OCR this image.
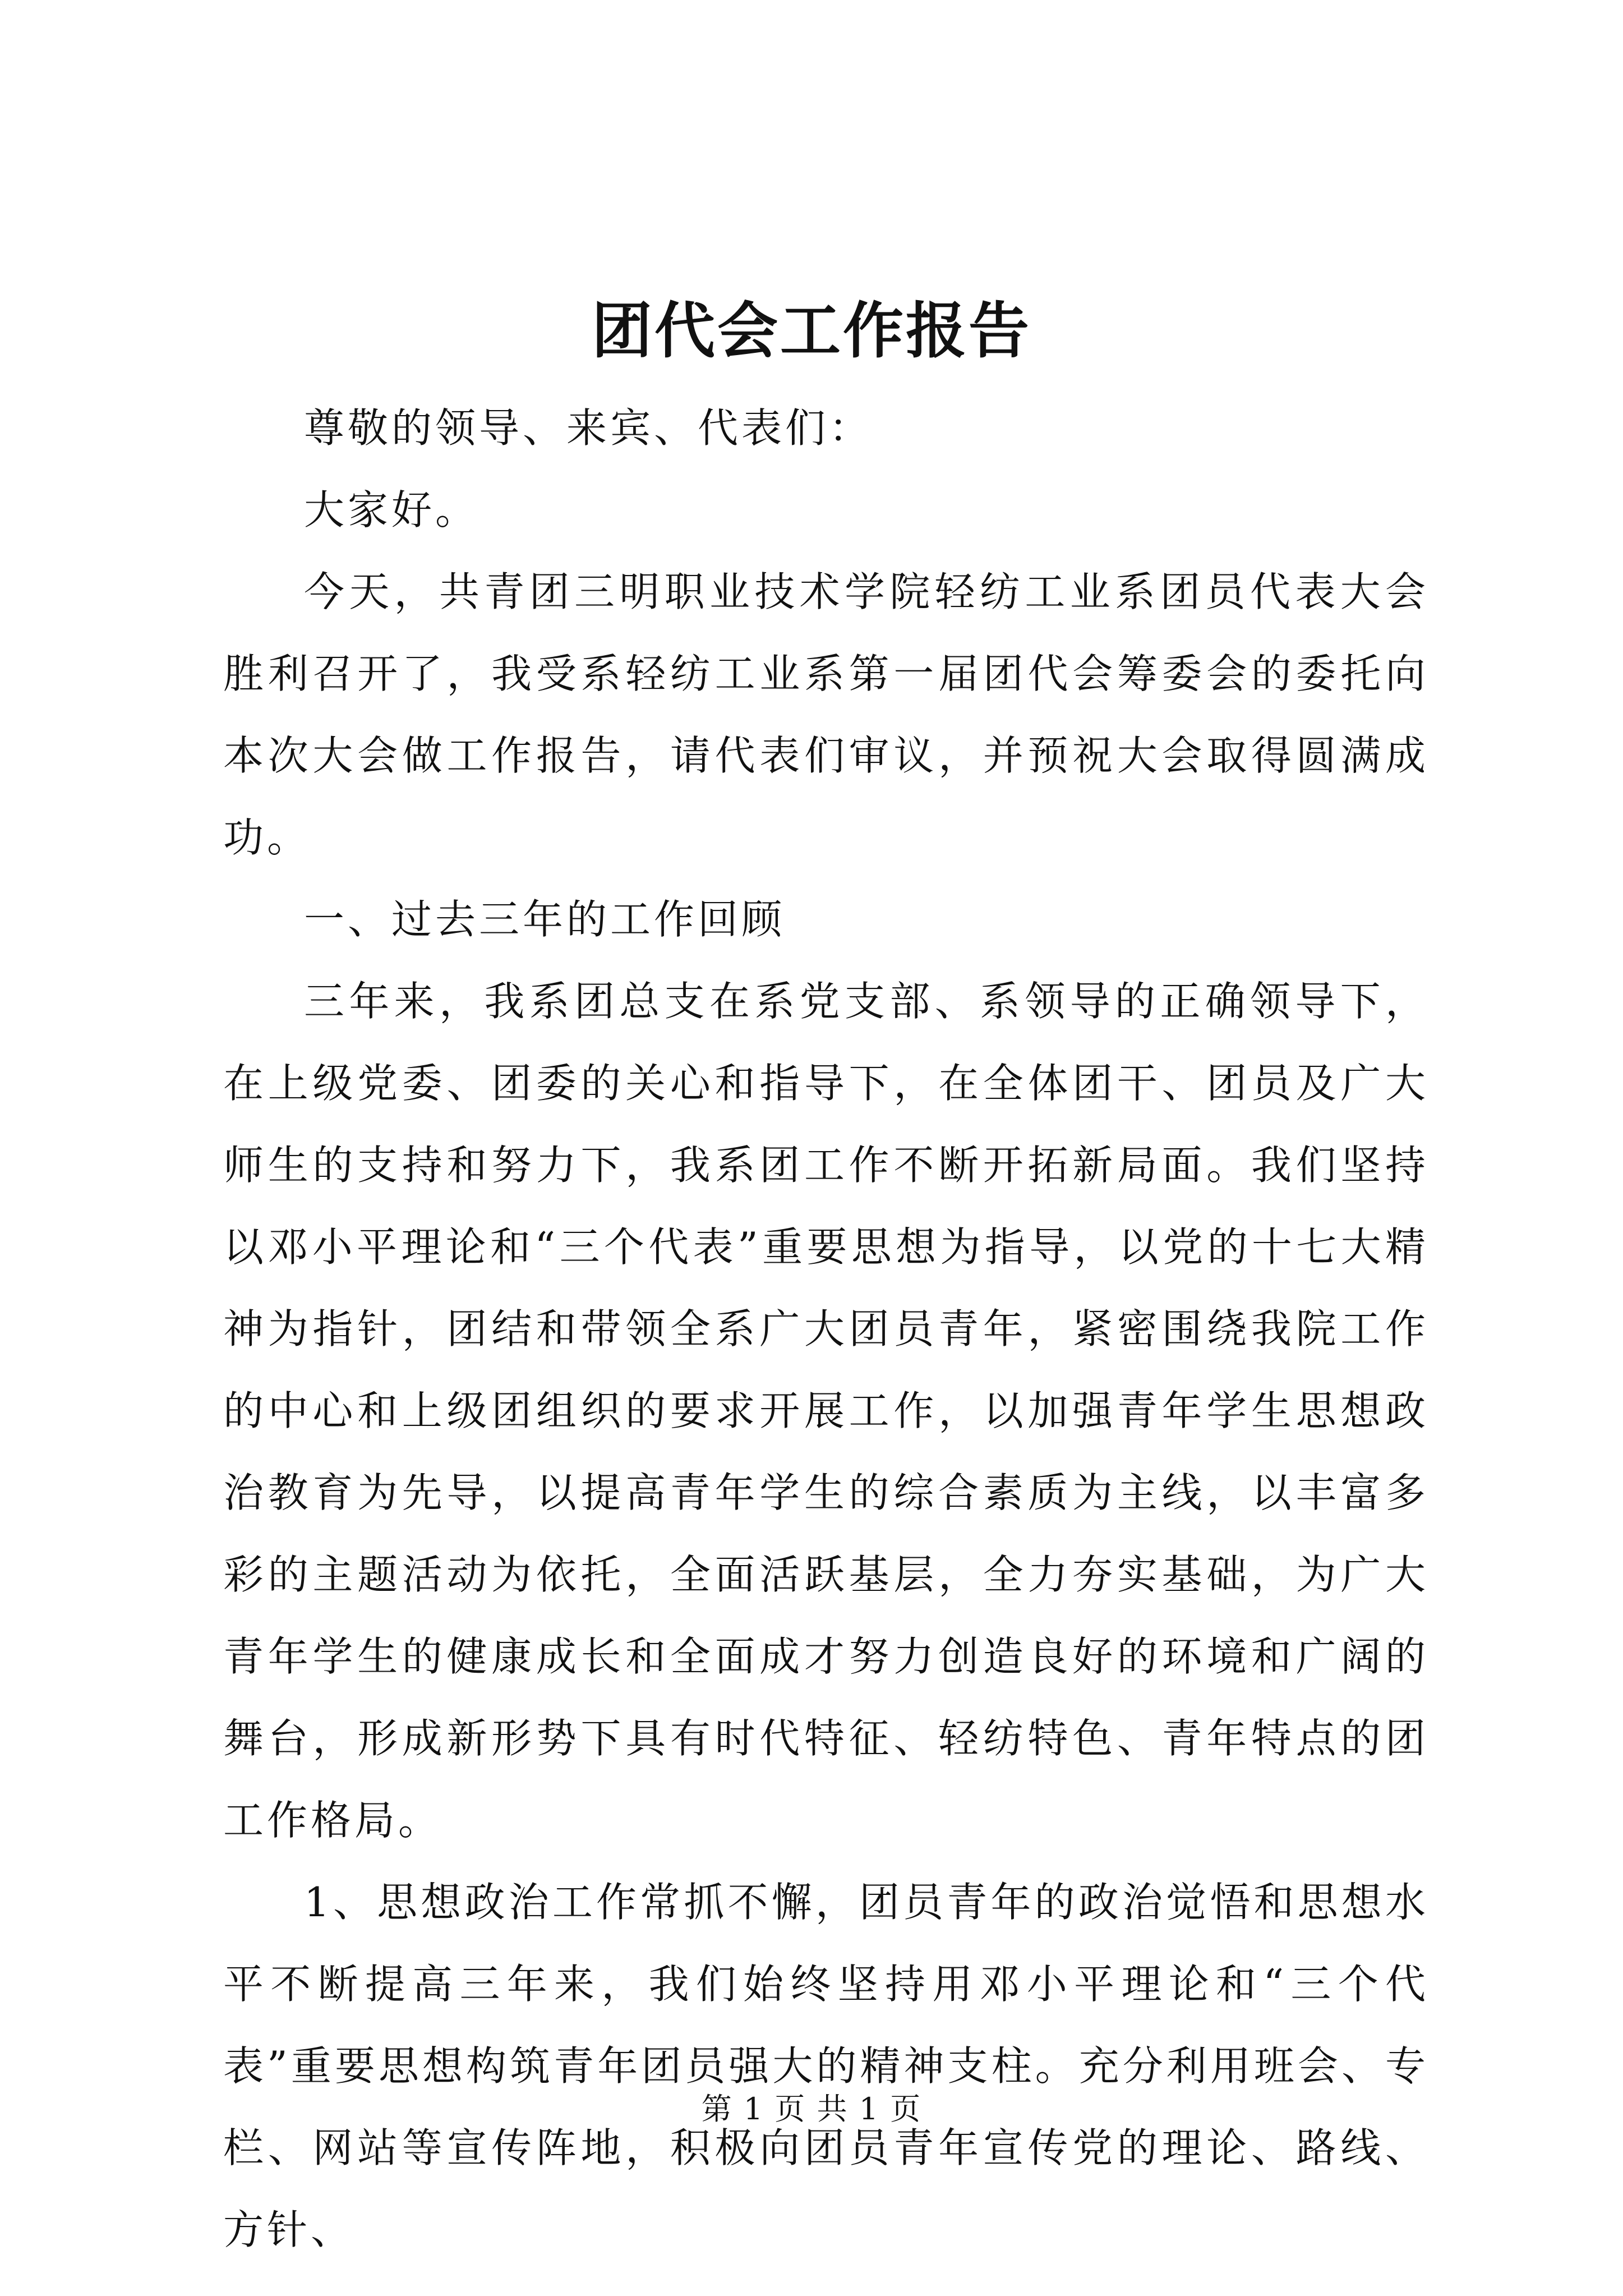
团代会工作报告

尊敬的领导、来宾、代表们：

大家好。

今天，共青团三明职业技术学院轻纺工业系团员代表大会胜利召开了，我受系轻纺工业系第一届团代会筹委会的委托向本次大会做工作报告，请代表们审议，并预祝大会取得圆满成功。

一、过去三年的工作回顾

三年来，我系团总支在系党支部、系领导的正确领导下，在上级党委、团委的关心和指导下，在全体团干、团员及广大师生的支持和努力下，我系团工作不断开拓新局面。我们坚持以邓小平理论和“三个代表”重要思想为指导，以党的十七大精神为指针，团结和带领全系广大团员青年，紧密围绕我院工作的中心和上级团组织的要求开展工作，以加强青年学生思想政治教育为先导，以提高青年学生的综合素质为主线，以丰富多彩的主题活动为依托，全面活跃基层，全力夯实基础，为广大青年学生的健康成长和全面成才努力创造良好的环境和广阔的舞台，形成新形势下具有时代特征、轻纺特色、青年特点的团工作格局。

1、思想政治工作常抓不懈，团员青年的政治觉悟和思想水平不断提高三年来，我们始终坚持用邓小平理论和“三个代表”重要思想构筑青年团员强大的精神支柱。充分利用班会、专栏、网站等宣传阵地，积极向团员青年宣传党的理论、路线、方针、

第 1 页 共 1 页
